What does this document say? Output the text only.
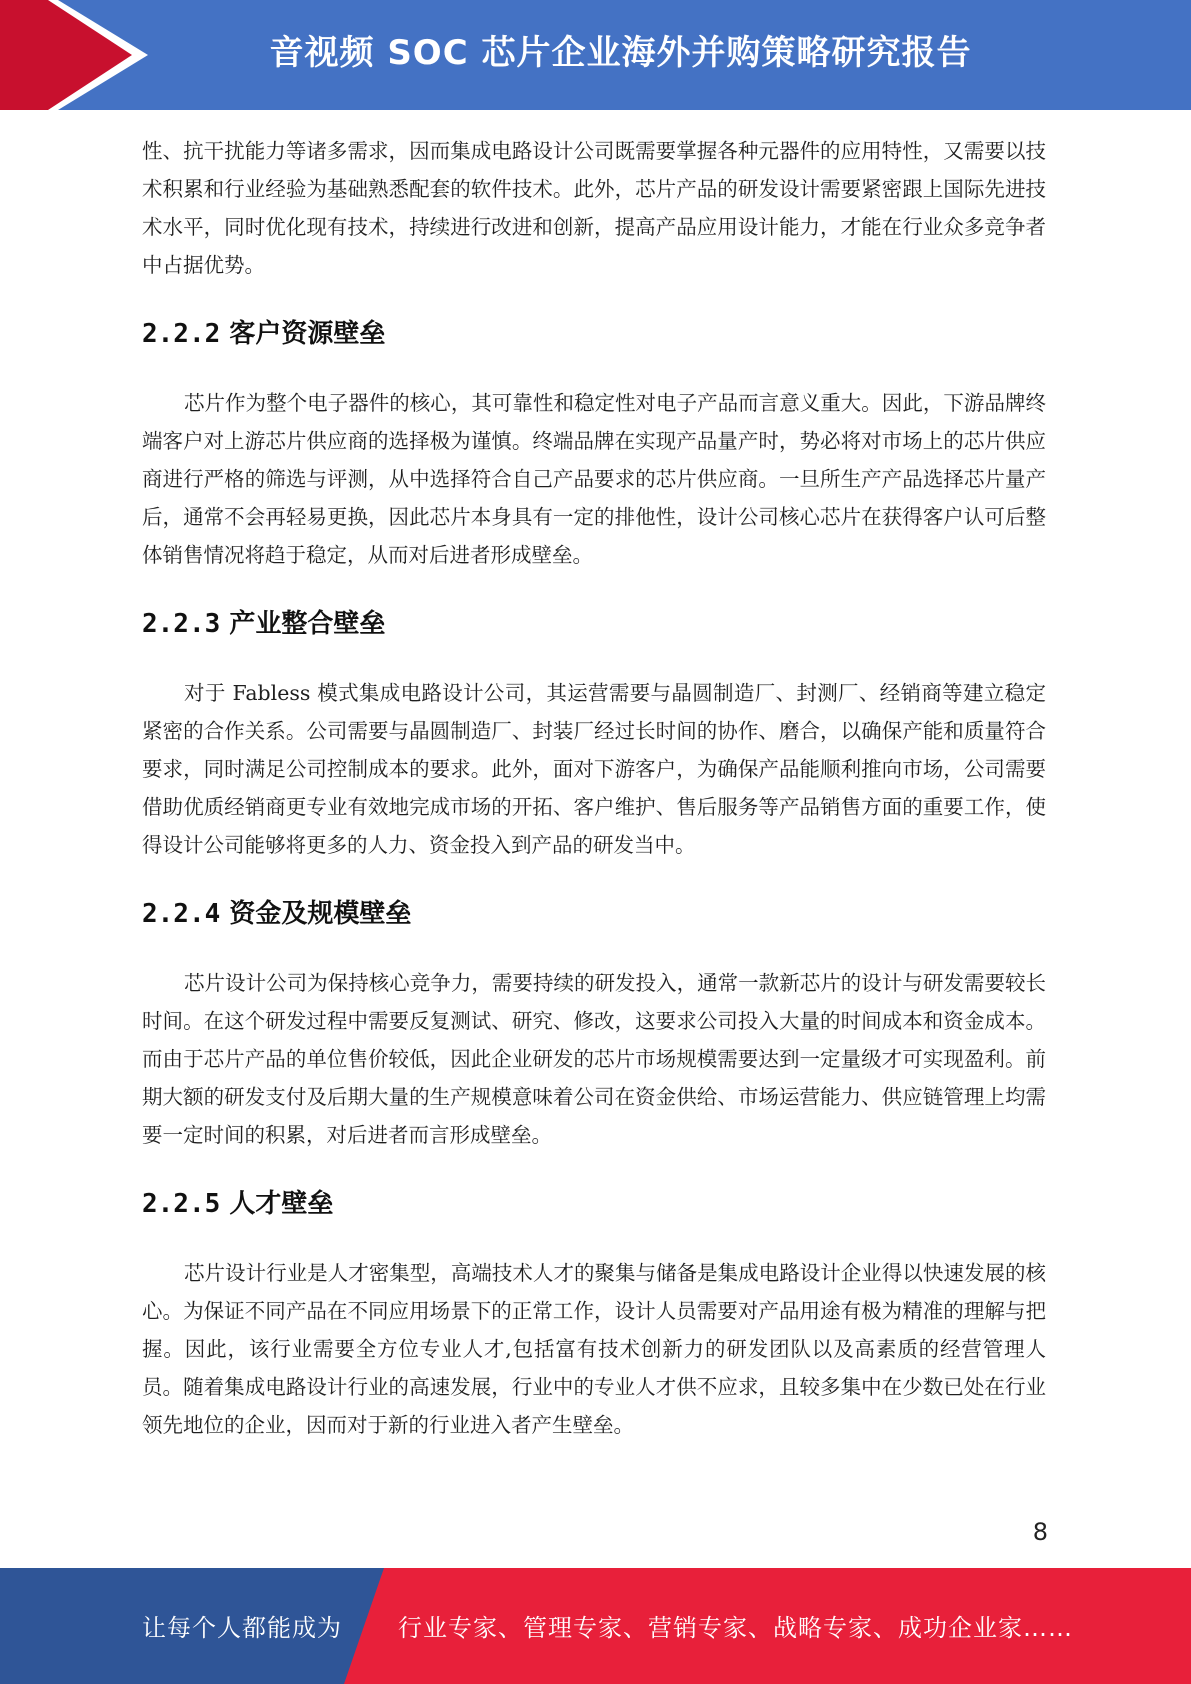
音视频 SOC 芯片企业海外并购策略研究报告

性、抗干扰能力等诸多需求，因而集成电路设计公司既需要掌握各种元器件的应用特性，又需要以技术积累和行业经验为基础熟悉配套的软件技术。此外，芯片产品的研发设计需要紧密跟上国际先进技术水平，同时优化现有技术，持续进行改进和创新，提高产品应用设计能力，才能在行业众多竞争者中占据优势。

2.2.2 客户资源壁垒

芯片作为整个电子器件的核心，其可靠性和稳定性对电子产品而言意义重大。因此，下游品牌终端客户对上游芯片供应商的选择极为谨慎。终端品牌在实现产品量产时，势必将对市场上的芯片供应商进行严格的筛选与评测，从中选择符合自己产品要求的芯片供应商。一旦所生产产品选择芯片量产后，通常不会再轻易更换，因此芯片本身具有一定的排他性，设计公司核心芯片在获得客户认可后整体销售情况将趋于稳定，从而对后进者形成壁垒。

2.2.3 产业整合壁垒

对于 Fabless 模式集成电路设计公司，其运营需要与晶圆制造厂、封测厂、经销商等建立稳定紧密的合作关系。公司需要与晶圆制造厂、封装厂经过长时间的协作、磨合，以确保产能和质量符合要求，同时满足公司控制成本的要求。此外，面对下游客户，为确保产品能顺利推向市场，公司需要借助优质经销商更专业有效地完成市场的开拓、客户维护、售后服务等产品销售方面的重要工作，使得设计公司能够将更多的人力、资金投入到产品的研发当中。

2.2.4 资金及规模壁垒

芯片设计公司为保持核心竞争力，需要持续的研发投入，通常一款新芯片的设计与研发需要较长时间。在这个研发过程中需要反复测试、研究、修改，这要求公司投入大量的时间成本和资金成本。而由于芯片产品的单位售价较低，因此企业研发的芯片市场规模需要达到一定量级才可实现盈利。前期大额的研发支付及后期大量的生产规模意味着公司在资金供给、市场运营能力、供应链管理上均需要一定时间的积累，对后进者而言形成壁垒。

2.2.5 人才壁垒

芯片设计行业是人才密集型，高端技术人才的聚集与储备是集成电路设计企业得以快速发展的核心。为保证不同产品在不同应用场景下的正常工作，设计人员需要对产品用途有极为精准的理解与把握。因此，该行业需要全方位专业人才,包括富有技术创新力的研发团队以及高素质的经营管理人员。随着集成电路设计行业的高速发展，行业中的专业人才供不应求，且较多集中在少数已处在行业领先地位的企业，因而对于新的行业进入者产生壁垒。

8
让每个人都能成为 行业专家、管理专家、营销专家、战略专家、成功企业家……
